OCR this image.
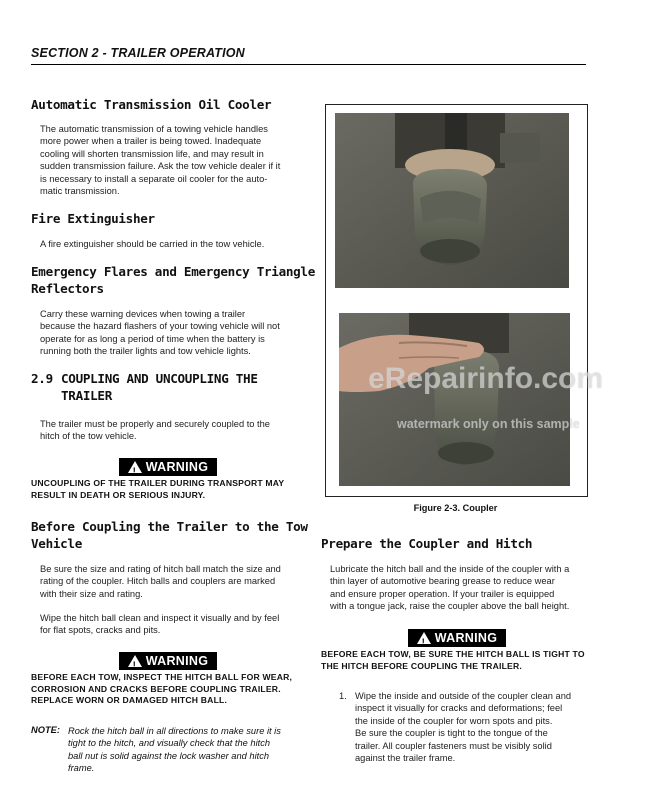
SECTION 2 - TRAILER OPERATION
Automatic Transmission Oil Cooler
The automatic transmission of a towing vehicle handles
more power when a trailer is being towed. Inadequate
cooling will shorten transmission life, and may result in
sudden transmission failure. Ask the tow vehicle dealer if it
is necessary to install a separate oil cooler for the auto-
matic transmission.
Fire Extinguisher
A fire extinguisher should be carried in the tow vehicle.
Emergency Flares and Emergency Triangle
Reflectors
Carry these warning devices when towing a trailer
because the hazard flashers of your towing vehicle will not
operate for as long a period of time when the battery is
running both the trailer lights and tow vehicle lights.
2.9 COUPLING AND UNCOUPLING THE
TRAILER
The trailer must be properly and securely coupled to the
hitch of the tow vehicle.
!
WARNING
UNCOUPLING OF THE TRAILER DURING TRANSPORT MAY
RESULT IN DEATH OR SERIOUS INJURY.
Before Coupling the Trailer to the Tow
Vehicle
Be sure the size and rating of hitch ball match the size and
rating of the coupler. Hitch balls and couplers are marked
with their size and rating.
Wipe the hitch ball clean and inspect it visually and by feel
for flat spots, cracks and pits.
!
WARNING
BEFORE EACH TOW, INSPECT THE HITCH BALL FOR WEAR,
CORROSION AND CRACKS BEFORE COUPLING TRAILER.
REPLACE WORN OR DAMAGED HITCH BALL.
NOTE: Rock the hitch ball in all directions to make sure it is
tight to the hitch, and visually check that the hitch
ball nut is solid against the lock washer and hitch
frame.
eRepairinfo.com
watermark only on this sample
Figure 2-3. Coupler
Prepare the Coupler and Hitch
Lubricate the hitch ball and the inside of the coupler with a
thin layer of automotive bearing grease to reduce wear
and ensure proper operation. If your trailer is equipped
with a tongue jack, raise the coupler above the ball height.
!
WARNING
BEFORE EACH TOW, BE SURE THE HITCH BALL IS TIGHT TO
THE HITCH BEFORE COUPLING THE TRAILER.
1. Wipe the inside and outside of the coupler clean and
inspect it visually for cracks and deformations; feel
the inside of the coupler for worn spots and pits.
Be sure the coupler is tight to the tongue of the
trailer. All coupler fasteners must be visibly solid
against the trailer frame.
